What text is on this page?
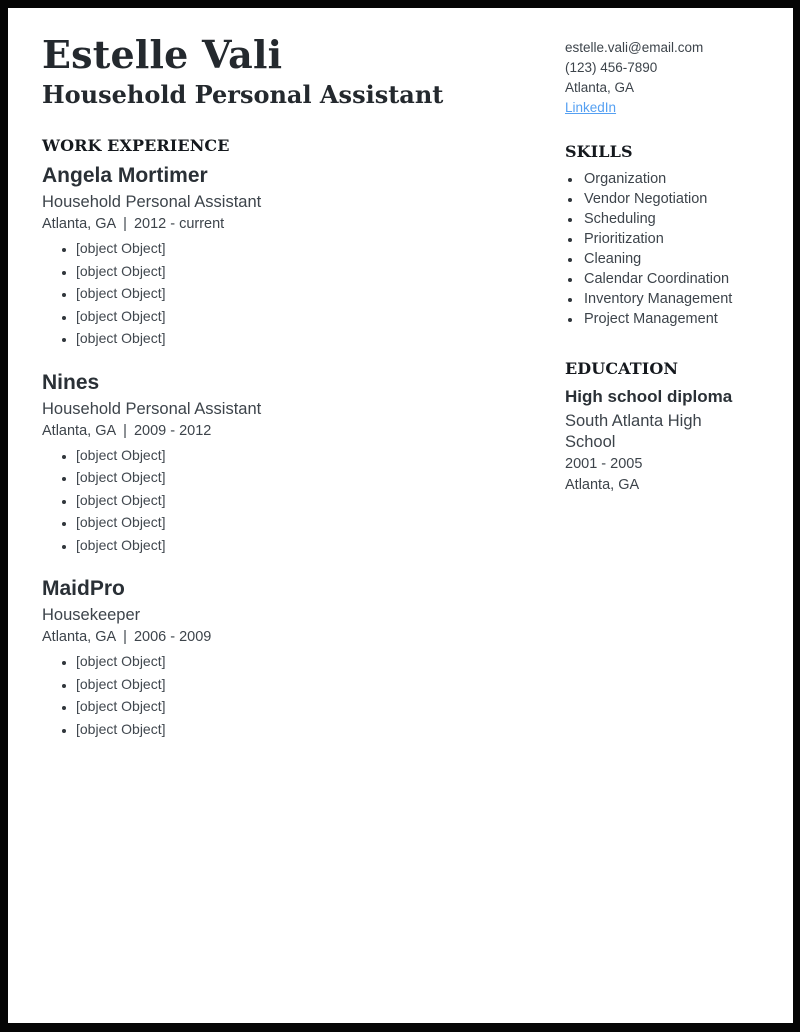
Estelle Vali
Household Personal Assistant
WORK EXPERIENCE
Angela Mortimer
Household Personal Assistant
Atlanta, GA | 2012 - current
• [object Object]
• [object Object]
• [object Object]
• [object Object]
• [object Object]
Nines
Household Personal Assistant
Atlanta, GA | 2009 - 2012
• [object Object]
• [object Object]
• [object Object]
• [object Object]
• [object Object]
MaidPro
Housekeeper
Atlanta, GA | 2006 - 2009
• [object Object]
• [object Object]
• [object Object]
• [object Object]
estelle.vali@email.com
(123) 456-7890
Atlanta, GA
LinkedIn
SKILLS
• Organization
• Vendor Negotiation
• Scheduling
• Prioritization
• Cleaning
• Calendar Coordination
• Inventory Management
• Project Management
EDUCATION
High school diploma
South Atlanta High School
2001 - 2005
Atlanta, GA
